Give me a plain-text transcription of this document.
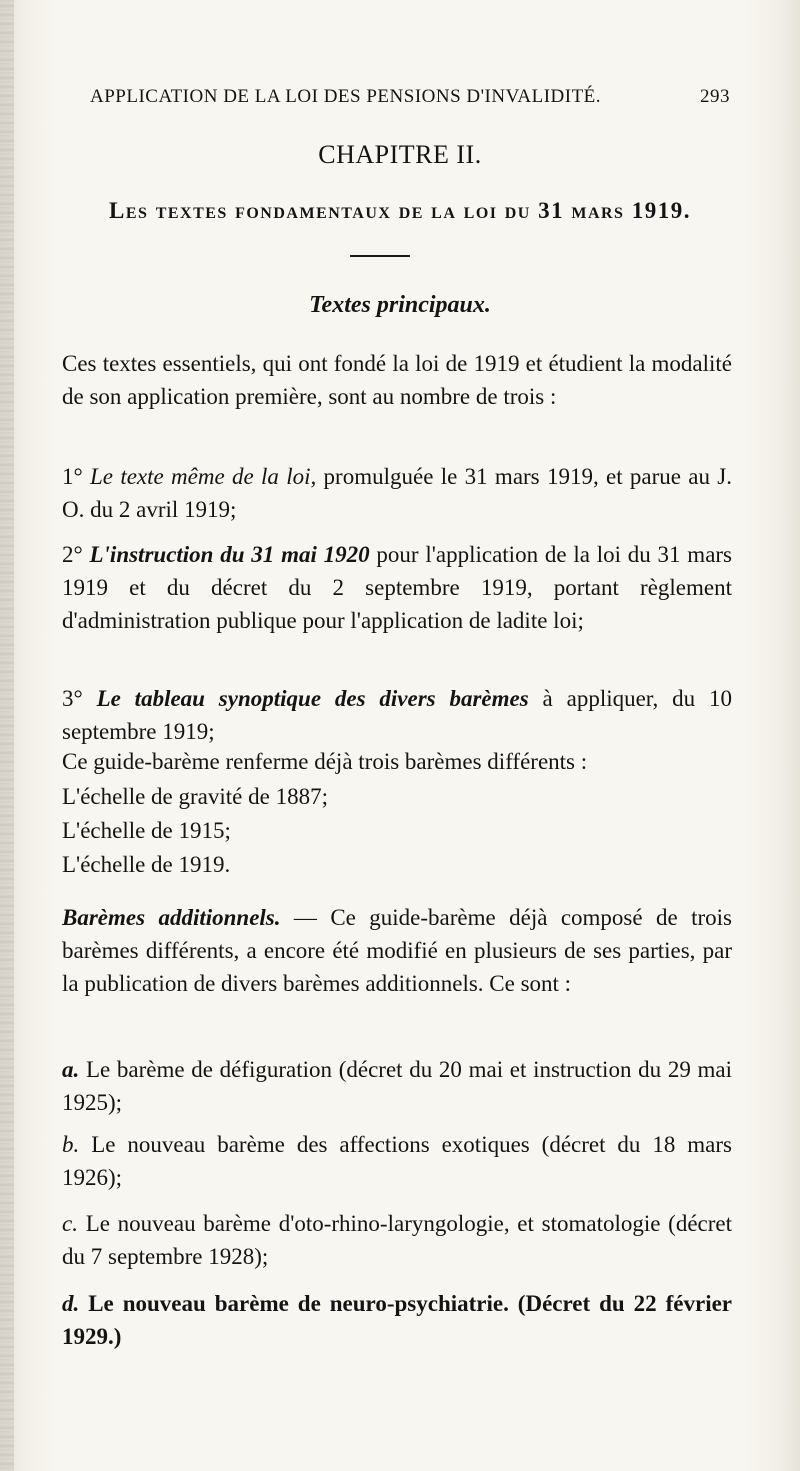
APPLICATION DE LA LOI DES PENSIONS D'INVALIDITÉ.	293
CHAPITRE II.
Les textes fondamentaux de la loi du 31 mars 1919.
Textes principaux.
Ces textes essentiels, qui ont fondé la loi de 1919 et étudient la modalité de son application première, sont au nombre de trois :
1° Le texte même de la loi, promulguée le 31 mars 1919, et parue au J. O. du 2 avril 1919;
2° L'instruction du 31 mai 1920 pour l'application de la loi du 31 mars 1919 et du décret du 2 septembre 1919, portant règlement d'administration publique pour l'application de ladite loi;
3° Le tableau synoptique des divers barèmes à appliquer, du 10 septembre 1919;
Ce guide-barème renferme déjà trois barèmes différents :
L'échelle de gravité de 1887;
L'échelle de 1915;
L'échelle de 1919.
Barèmes additionnels. — Ce guide-barème déjà composé de trois barèmes différents, a encore été modifié en plusieurs de ses parties, par la publication de divers barèmes additionnels. Ce sont :
a. Le barème de défiguration (décret du 20 mai et instruction du 29 mai 1925);
b. Le nouveau barème des affections exotiques (décret du 18 mars 1926);
c. Le nouveau barème d'oto-rhino-laryngologie, et stomatologie (décret du 7 septembre 1928);
d. Le nouveau barème de neuro-psychiatrie. (Décret du 22 février 1929.)
